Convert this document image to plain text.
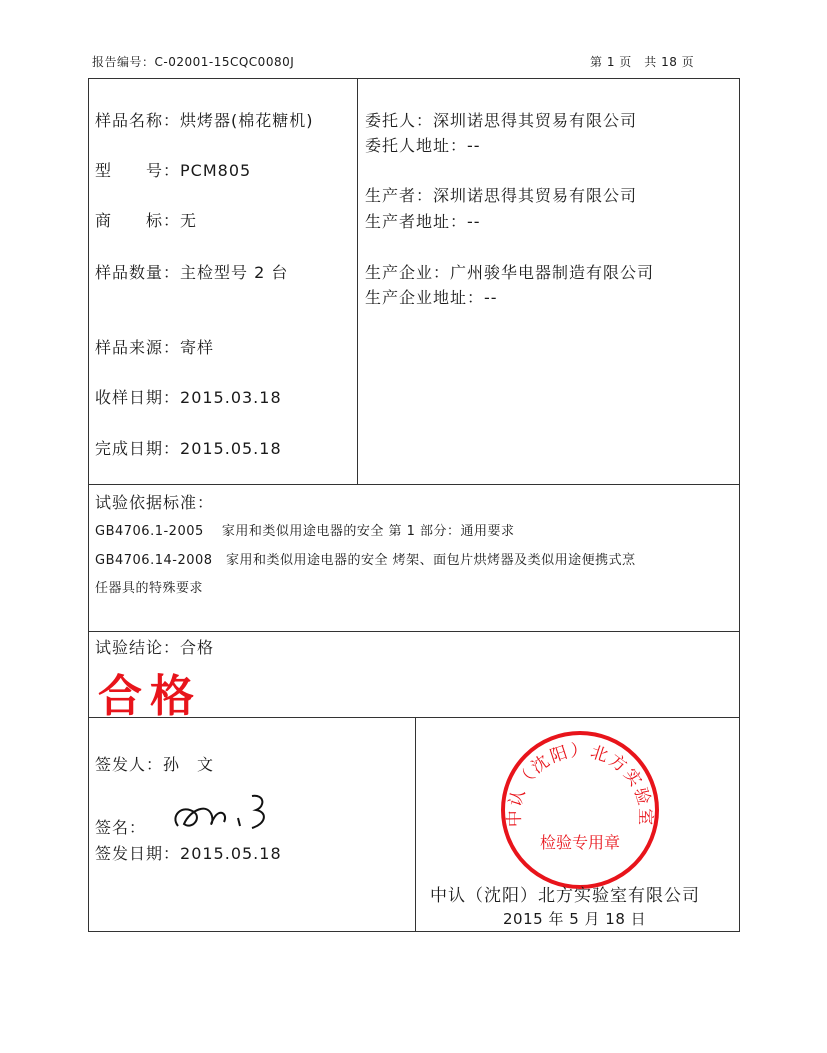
报告编号：C-02001-15CQC0080J	第 1 页　共 18 页
样品名称：烘烤器(棉花糖机)
型　　号：PCM805
商　　标：无
样品数量：主检型号 2 台
样品来源：寄样
收样日期：2015.03.18
完成日期：2015.05.18
委托人：深圳诺思得其贸易有限公司
委托人地址：--
生产者：深圳诺思得其贸易有限公司
生产者地址：--
生产企业：广州骏华电器制造有限公司
生产企业地址：--
试验依据标准：
GB4706.1-2005　 家用和类似用途电器的安全 第 1 部分：通用要求
GB4706.14-2008　家用和类似用途电器的安全 烤架、面包片烘烤器及类似用途便携式烹
任器具的特殊要求
试验结论：合格
合格
签发人：孙　文
签名：
签发日期：2015.05.18
中认（沈阳）北方实验室
检验专用章
中认（沈阳）北方实验室有限公司
2015 年 5 月 18 日
